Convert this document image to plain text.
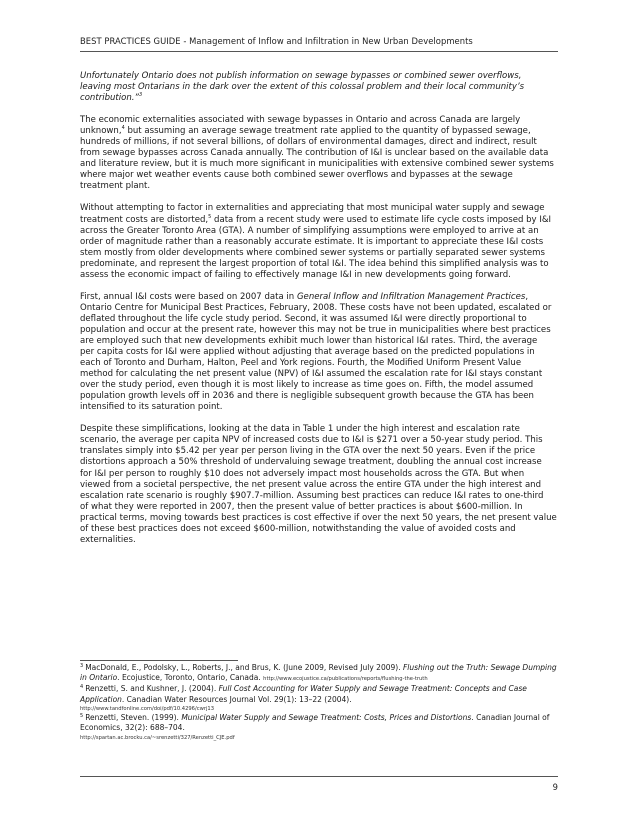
BEST PRACTICES GUIDE - Management of Inflow and Infiltration in New Urban Developments
Unfortunately Ontario does not publish information on sewage bypasses or combined sewer overflows,
leaving most Ontarians in the dark over the extent of this colossal problem and their local community’s
contribution.”$^3$
The economic externalities associated with sewage bypasses in Ontario and across Canada are largely
unknown,$^4$ but assuming an average sewage treatment rate applied to the quantity of bypassed sewage,
hundreds of millions, if not several billions, of dollars of environmental damages, direct and indirect, result
from sewage bypasses across Canada annually. The contribution of I&I is unclear based on the available data
and literature review, but it is much more significant in municipalities with extensive combined sewer systems
where major wet weather events cause both combined sewer overflows and bypasses at the sewage
treatment plant.
Without attempting to factor in externalities and appreciating that most municipal water supply and sewage
treatment costs are distorted,$^5$ data from a recent study were used to estimate life cycle costs imposed by I&I
across the Greater Toronto Area (GTA). A number of simplifying assumptions were employed to arrive at an
order of magnitude rather than a reasonably accurate estimate. It is important to appreciate these I&I costs
stem mostly from older developments where combined sewer systems or partially separated sewer systems
predominate, and represent the largest proportion of total I&I. The idea behind this simplified analysis was to
assess the economic impact of failing to effectively manage I&I in new developments going forward.
First, annual I&I costs were based on 2007 data in General Inflow and Infiltration Management Practices,
Ontario Centre for Municipal Best Practices, February, 2008. These costs have not been updated, escalated or
deflated throughout the life cycle study period. Second, it was assumed I&I were directly proportional to
population and occur at the present rate, however this may not be true in municipalities where best practices
are employed such that new developments exhibit much lower than historical I&I rates. Third, the average
per capita costs for I&I were applied without adjusting that average based on the predicted populations in
each of Toronto and Durham, Halton, Peel and York regions. Fourth, the Modified Uniform Present Value
method for calculating the net present value (NPV) of I&I assumed the escalation rate for I&I stays constant
over the study period, even though it is most likely to increase as time goes on. Fifth, the model assumed
population growth levels off in 2036 and there is negligible subsequent growth because the GTA has been
intensified to its saturation point.
Despite these simplifications, looking at the data in Table 1 under the high interest and escalation rate
scenario, the average per capita NPV of increased costs due to I&I is $271 over a 50-year study period. This
translates simply into $5.42 per year per person living in the GTA over the next 50 years. Even if the price
distortions approach a 50% threshold of undervaluing sewage treatment, doubling the annual cost increase
for I&I per person to roughly $10 does not adversely impact most households across the GTA. But when
viewed from a societal perspective, the net present value across the entire GTA under the high interest and
escalation rate scenario is roughly $907.7-million. Assuming best practices can reduce I&I rates to one-third
of what they were reported in 2007, then the present value of better practices is about $600-million. In
practical terms, moving towards best practices is cost effective if over the next 50 years, the net present value
of these best practices does not exceed $600-million, notwithstanding the value of avoided costs and
externalities.
$^3$ MacDonald, E., Podolsky, L., Roberts, J., and Brus, K. (June 2009, Revised July 2009). Flushing out the Truth: Sewage Dumping
in Ontario. Ecojustice, Toronto, Ontario, Canada. http://www.ecojustice.ca/publications/reports/flushing-the-truth
$^4$ Renzetti, S. and Kushner, J. (2004). Full Cost Accounting for Water Supply and Sewage Treatment: Concepts and Case
Application. Canadian Water Resources Journal Vol. 29(1): 13–22 (2004).
http://www.tandfonline.com/doi/pdf/10.4296/cwrj13
$^5$ Renzetti, Steven. (1999). Municipal Water Supply and Sewage Treatment: Costs, Prices and Distortions. Canadian Journal of
Economics, 32(2): 688–704.
http://spartan.ac.brocku.ca/~srenzetti/327/Renzetti_CJE.pdf
9
